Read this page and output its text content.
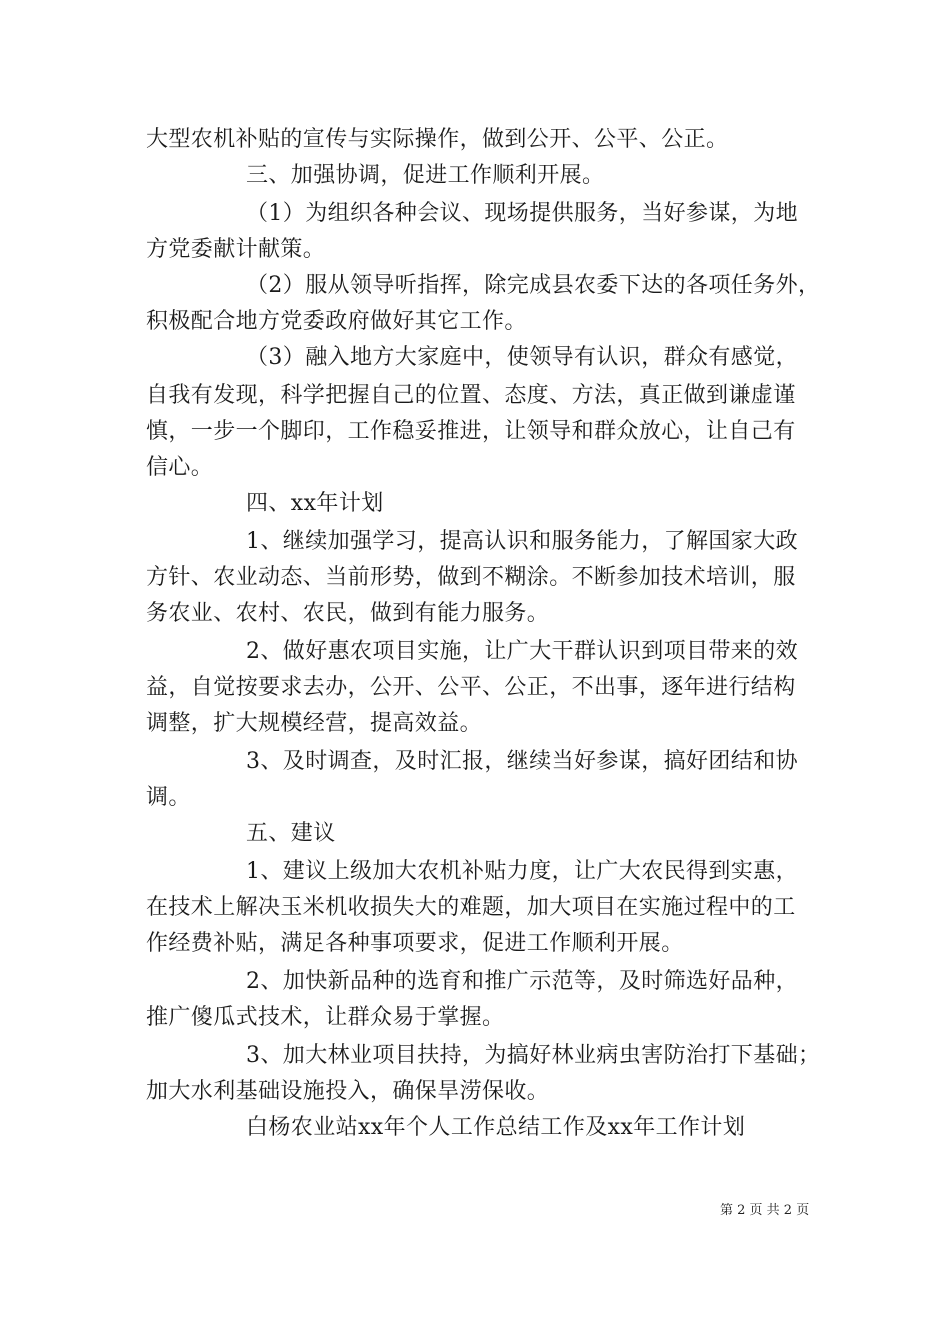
大型农机补贴的宣传与实际操作，做到公开、公平、公正。
三、加强协调，促进工作顺利开展。
（1）为组织各种会议、现场提供服务，当好参谋，为地
方党委献计献策。
（2）服从领导听指挥，除完成县农委下达的各项任务外，
积极配合地方党委政府做好其它工作。
（3）融入地方大家庭中，使领导有认识，群众有感觉，
自我有发现，科学把握自己的位置、态度、方法，真正做到谦虚谨
慎，一步一个脚印，工作稳妥推进，让领导和群众放心，让自己有
信心。
四、xx年计划
1、继续加强学习，提高认识和服务能力，了解国家大政
方针、农业动态、当前形势，做到不糊涂。不断参加技术培训，服
务农业、农村、农民，做到有能力服务。
2、做好惠农项目实施，让广大干群认识到项目带来的效
益，自觉按要求去办，公开、公平、公正，不出事，逐年进行结构
调整，扩大规模经营，提高效益。
3、及时调查，及时汇报，继续当好参谋，搞好团结和协
调。
五、建议
1、建议上级加大农机补贴力度，让广大农民得到实惠，
在技术上解决玉米机收损失大的难题，加大项目在实施过程中的工
作经费补贴，满足各种事项要求，促进工作顺利开展。
2、加快新品种的选育和推广示范等，及时筛选好品种，
推广傻瓜式技术，让群众易于掌握。
3、加大林业项目扶持，为搞好林业病虫害防治打下基础；
加大水利基础设施投入，确保旱涝保收。
白杨农业站xx年个人工作总结工作及xx年工作计划
第 2 页 共 2 页
